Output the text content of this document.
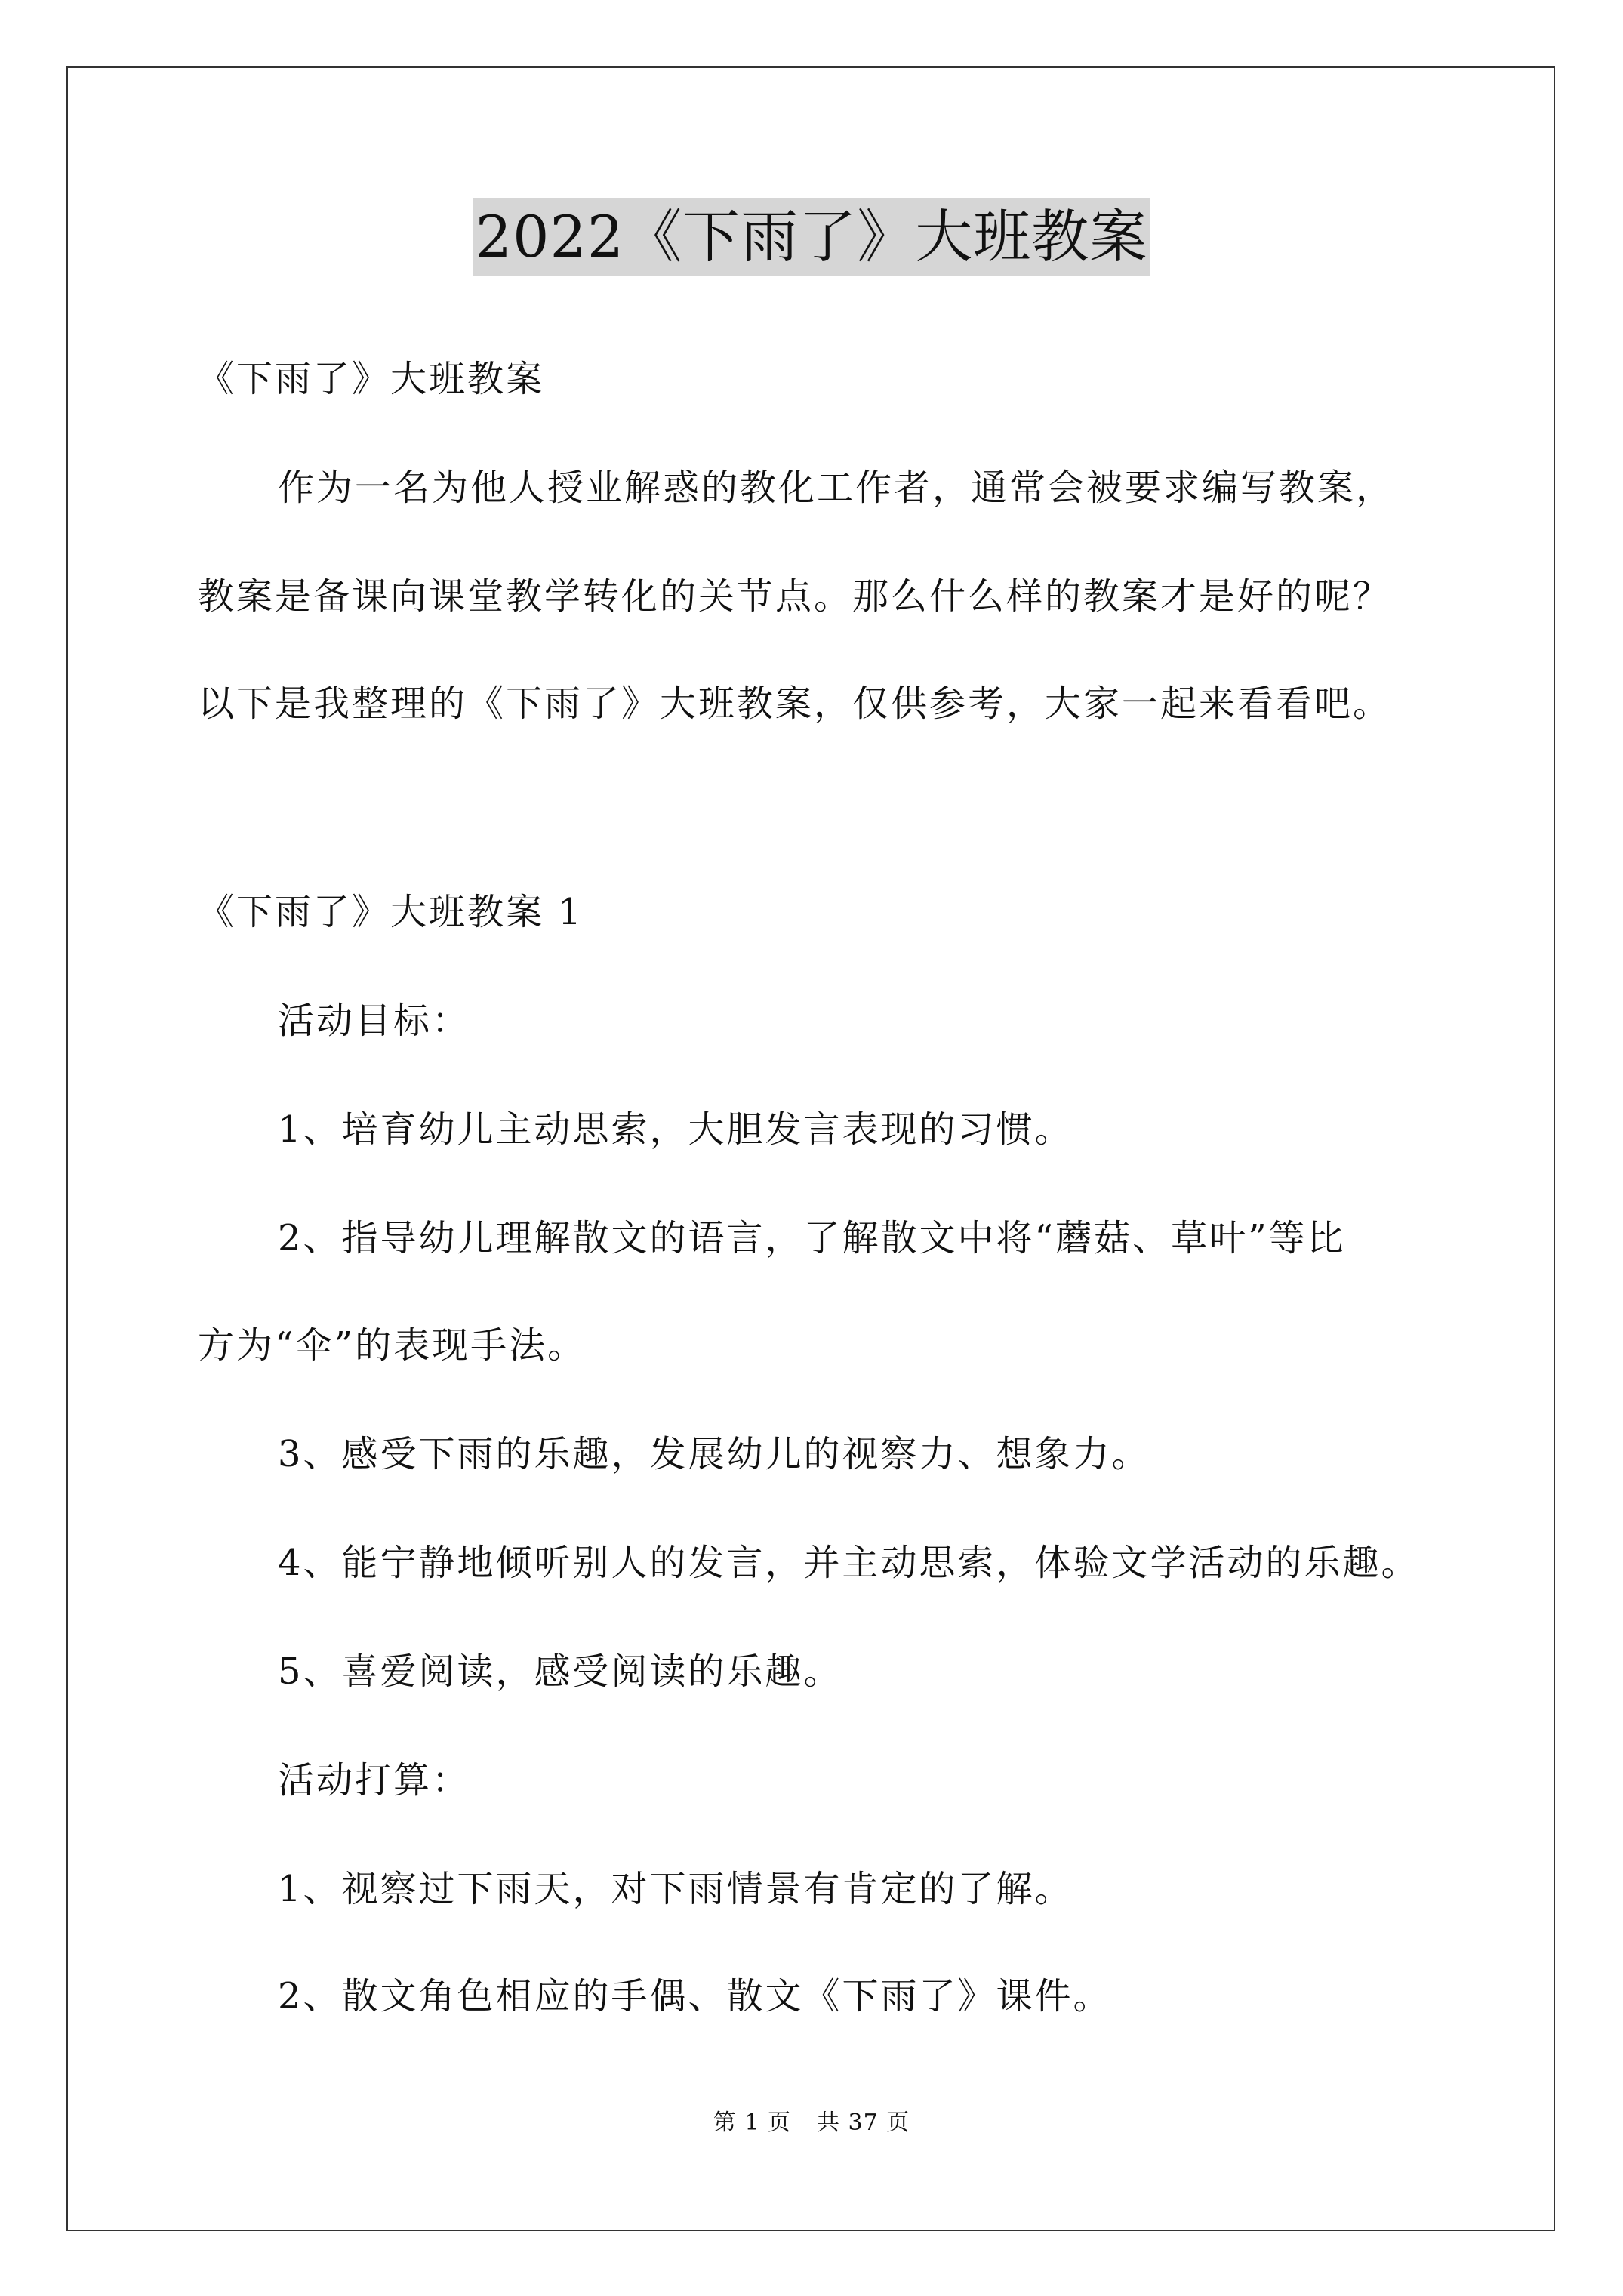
2022《下雨了》大班教案
《下雨了》大班教案
作为一名为他人授业解惑的教化工作者，通常会被要求编写教案，
教案是备课向课堂教学转化的关节点。那么什么样的教案才是好的呢？
以下是我整理的《下雨了》大班教案，仅供参考，大家一起来看看吧。
《下雨了》大班教案 1
活动目标：
1、培育幼儿主动思索，大胆发言表现的习惯。
2、指导幼儿理解散文的语言，了解散文中将“蘑菇、草叶”等比
方为“伞”的表现手法。
3、感受下雨的乐趣，发展幼儿的视察力、想象力。
4、能宁静地倾听别人的发言，并主动思索，体验文学活动的乐趣。
5、喜爱阅读，感受阅读的乐趣。
活动打算：
1、视察过下雨天，对下雨情景有肯定的了解。
2、散文角色相应的手偶、散文《下雨了》课件。
第 1 页 共 37 页
